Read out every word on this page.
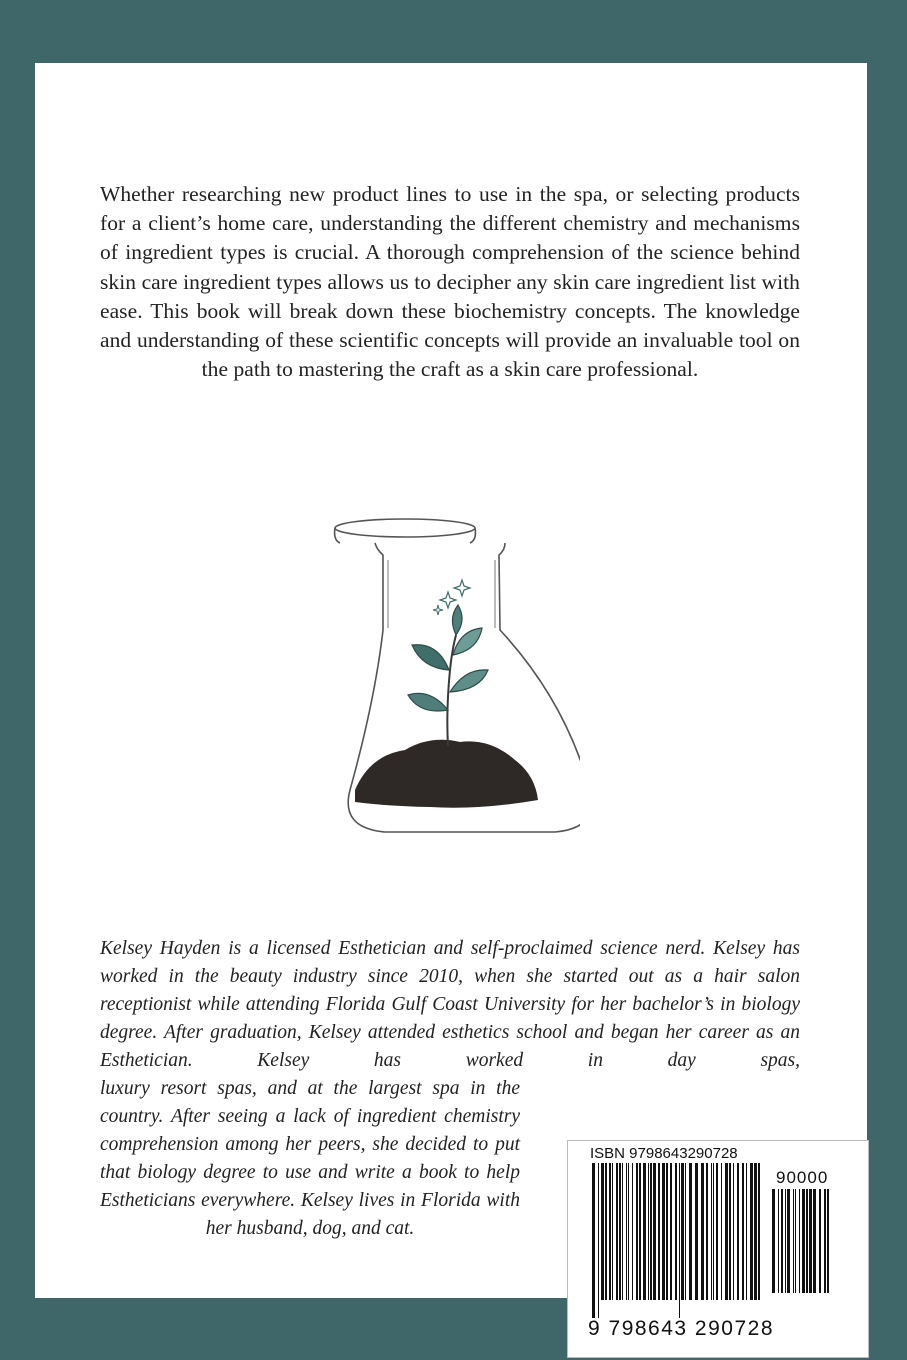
Whether researching new product lines to use in the spa, or selecting products for a client’s home care, understanding the different chemistry and mechanisms of ingredient types is crucial. A thorough comprehension of the science behind skin care ingredient types allows us to decipher any skin care ingredient list with ease. This book will break down these biochemistry concepts. The knowledge and understanding of these scientific concepts will provide an invaluable tool on the path to mastering the craft as a skin care professional.

Kelsey Hayden is a licensed Esthetician and self-proclaimed science nerd. Kelsey has worked in the beauty industry since 2010, when she started out as a hair salon receptionist while attending Florida Gulf Coast University for her bachelor’s in biology degree. After graduation, Kelsey attended esthetics school and began her career as an Esthetician. Kelsey has worked in day spas,

luxury resort spas, and at the largest spa in the country. After seeing a lack of ingredient chemistry comprehension among her peers, she decided to put that biology degree to use and write a book to help Estheticians everywhere. Kelsey lives in Florida with her husband, dog, and cat.

ISBN 9798643290728
90000
9 798643 290728
